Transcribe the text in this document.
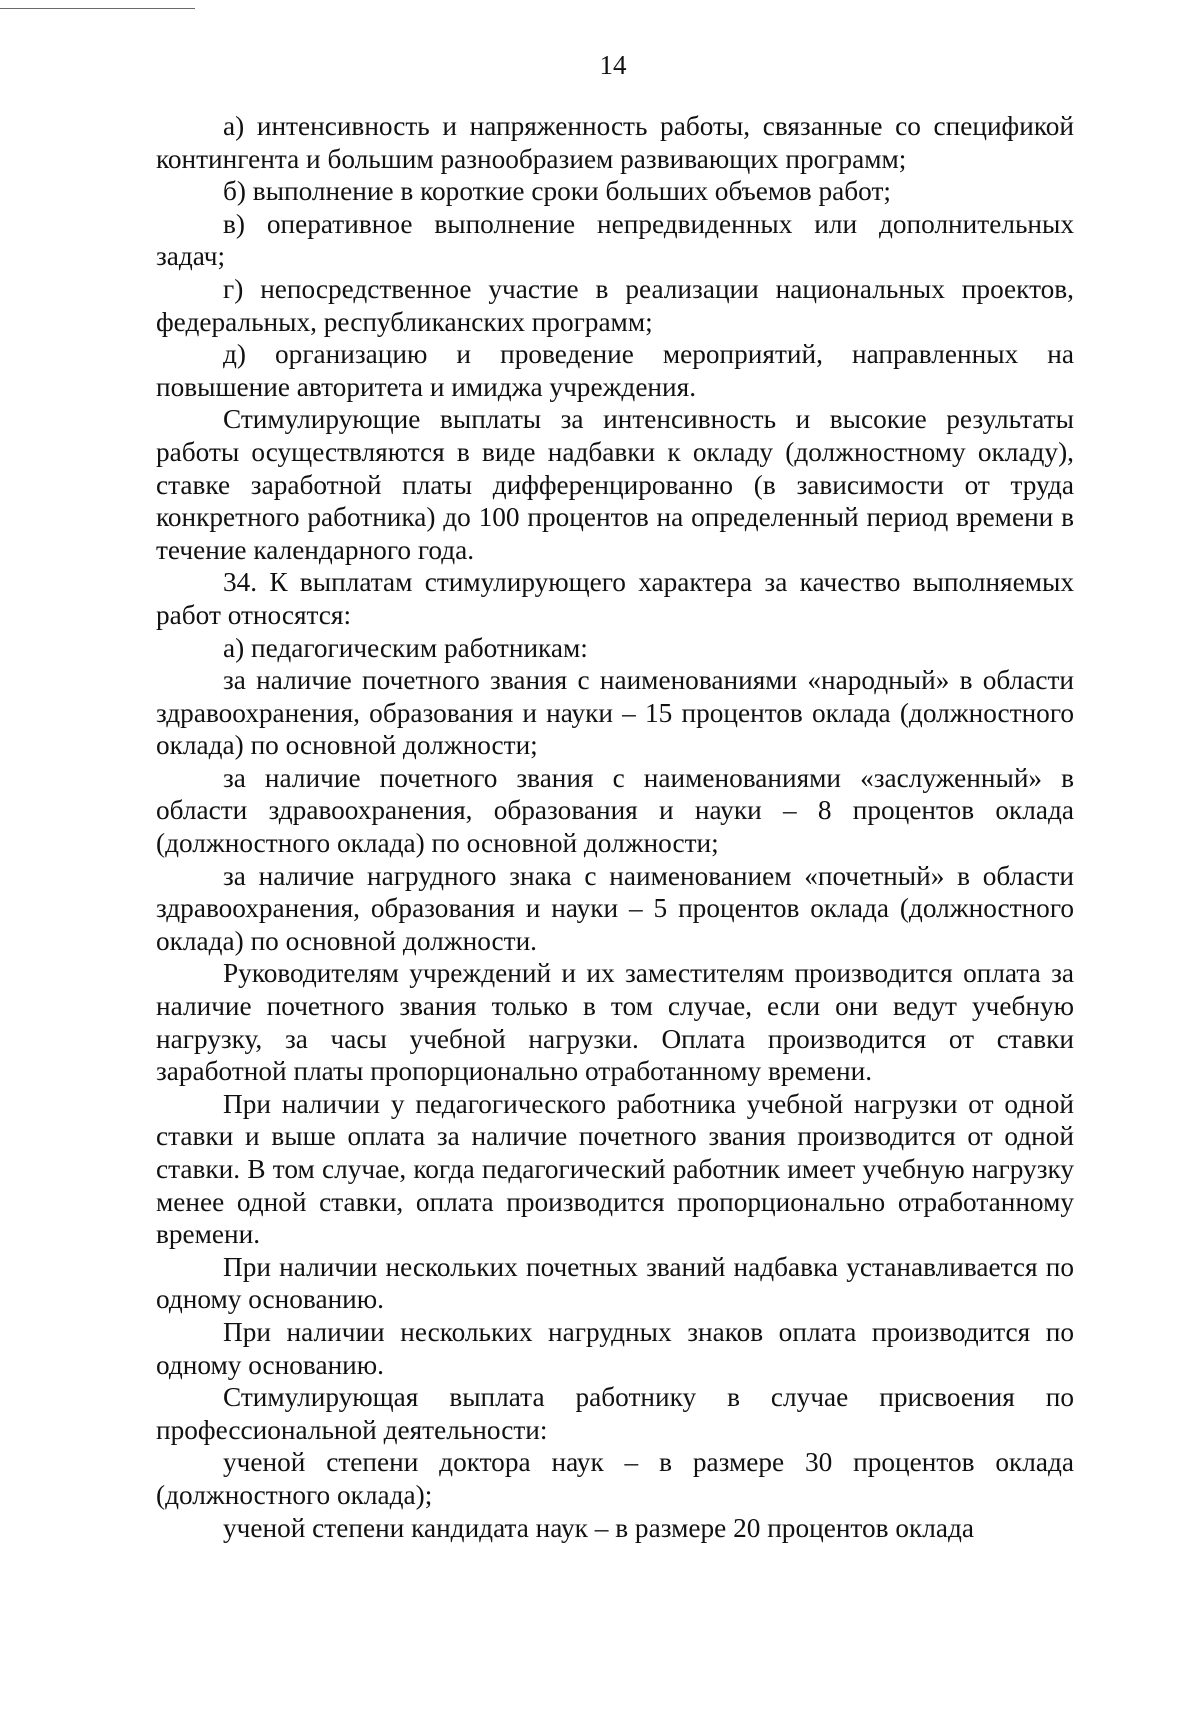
14

а) интенсивность и напряженность работы, связанные со спецификой контингента и большим разнообразием развивающих программ;

б) выполнение в короткие сроки больших объемов работ;

в) оперативное выполнение непредвиденных или дополнительных задач;

г) непосредственное участие в реализации национальных проектов, федеральных, республиканских программ;

д) организацию и проведение мероприятий, направленных на повышение авторитета и имиджа учреждения.

Стимулирующие выплаты за интенсивность и высокие результаты работы осуществляются в виде надбавки к окладу (должностному окладу), ставке заработной платы дифференцированно (в зависимости от труда конкретного работника) до 100 процентов на определенный период времени в течение календарного года.

34. К выплатам стимулирующего характера за качество выполняемых работ относятся:

а) педагогическим работникам:

за наличие почетного звания с наименованиями «народный» в области здравоохранения, образования и науки – 15 процентов оклада (должностного оклада) по основной должности;

за наличие почетного звания с наименованиями «заслуженный» в области здравоохранения, образования и науки – 8 процентов оклада (должностного оклада) по основной должности;

за наличие нагрудного знака с наименованием «почетный» в области здравоохранения, образования и науки – 5 процентов оклада (должностного оклада) по основной должности.

Руководителям учреждений и их заместителям производится оплата за наличие почетного звания только в том случае, если они ведут учебную нагрузку, за часы учебной нагрузки. Оплата производится от ставки заработной платы пропорционально отработанному времени.

При наличии у педагогического работника учебной нагрузки от одной ставки и выше оплата за наличие почетного звания производится от одной ставки. В том случае, когда педагогический работник имеет учебную нагрузку менее одной ставки, оплата производится пропорционально отработанному времени.

При наличии нескольких почетных званий надбавка устанавливается по одному основанию.

При наличии нескольких нагрудных знаков оплата производится по одному основанию.

Стимулирующая выплата работнику в случае присвоения по профессиональной деятельности:

ученой степени доктора наук – в размере 30 процентов оклада (должностного оклада);

ученой степени кандидата наук – в размере 20 процентов оклада
